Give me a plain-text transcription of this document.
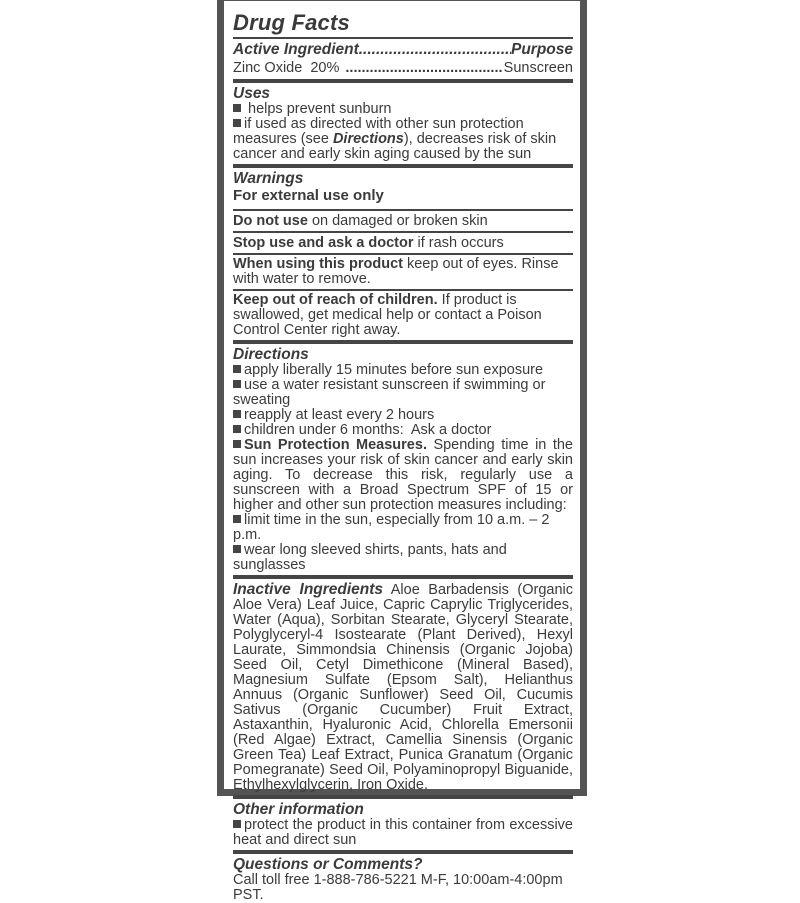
Drug Facts
Active Ingredient .....	Purpose
Zinc Oxide  20% .....	Sunscreen
Uses
helps prevent sunburn
if used as directed with other sun protection measures (see Directions), decreases risk of skin cancer and early skin aging caused by the sun
Warnings
For external use only
Do not use on damaged or broken skin
Stop use and ask a doctor if rash occurs
When using this product keep out of eyes. Rinse with water to remove.
Keep out of reach of children. If product is swallowed, get medical help or contact a Poison Control Center right away.
Directions
apply liberally 15 minutes before sun exposure
use a water resistant sunscreen if swimming or sweating
reapply at least every 2 hours
children under 6 months:  Ask a doctor
Sun Protection Measures. Spending time in the sun increases your risk of skin cancer and early skin aging. To decrease this risk, regularly use a sunscreen with a Broad Spectrum SPF of 15 or higher and other sun protection measures including:
limit time in the sun, especially from 10 a.m. – 2 p.m.
wear long sleeved shirts, pants, hats and sunglasses
Inactive Ingredients Aloe Barbadensis (Organic Aloe Vera) Leaf Juice, Capric Caprylic Triglycerides, Water (Aqua), Sorbitan Stearate, Glyceryl Stearate, Polyglyceryl-4 Isostearate (Plant Derived), Hexyl Laurate, Simmondsia Chinensis (Organic Jojoba) Seed Oil, Cetyl Dimethicone (Mineral Based), Magnesium Sulfate (Epsom Salt), Helianthus Annuus (Organic Sunflower) Seed Oil, Cucumis Sativus (Organic Cucumber) Fruit Extract, Astaxanthin, Hyaluronic Acid, Chlorella Emersonii (Red Algae) Extract, Camellia Sinensis (Organic Green Tea) Leaf Extract, Punica Granatum (Organic Pomegranate) Seed Oil, Polyaminopropyl Biguanide, Ethylhexylglycerin, Iron Oxide.
Other information
protect the product in this container from excessive heat and direct sun
Questions or Comments?
Call toll free 1-888-786-5221 M-F, 10:00am-4:00pm PST.
